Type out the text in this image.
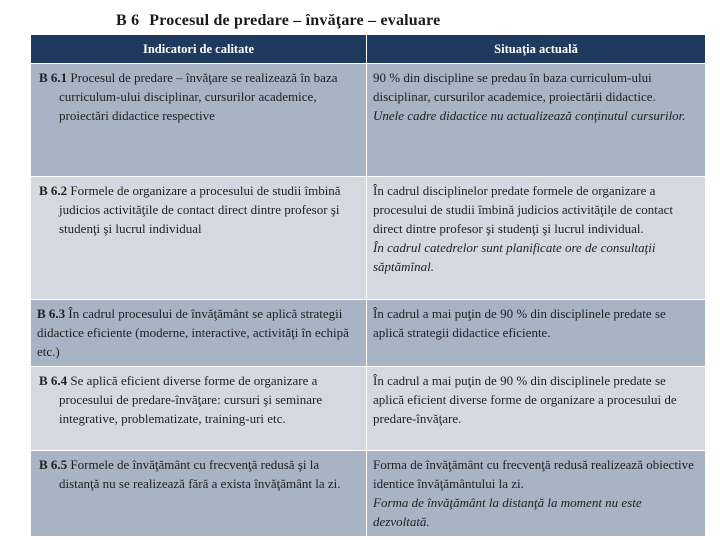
B 6 Procesul de predare – învăţare – evaluare
Indicatori de calitate	Situaţia actuală

B 6.1 Procesul de predare – învăţare se realizează în baza curriculum-ului disciplinar, cursurilor academice, proiectări didactice respective	90 % din discipline se predau în baza curriculum-ului disciplinar, cursurilor academice, proiectării didactice.
Unele cadre didactice nu actualizează conţinutul cursurilor.

B 6.2 Formele de organizare a procesului de studii îmbină judicios activităţile de contact direct dintre profesor şi studenţi şi lucrul individual	În cadrul disciplinelor predate formele de organizare a procesului de studii îmbină judicios activităţile de contact direct dintre profesor şi studenţi şi lucrul individual.
În cadrul catedrelor sunt planificate ore de consultaţii săptămînal.

B 6.3 În cadrul procesului de învăţământ se aplică strategii didactice eficiente (moderne, interactive, activităţi în echipă etc.)	În cadrul a mai puţin de 90 % din disciplinele predate se aplică strategii didactice eficiente.

B 6.4 Se aplică eficient diverse forme de organizare a procesului de predare-învăţare: cursuri şi seminare integrative, problematizate, training-uri etc.	În cadrul a mai puţin de 90 % din disciplinele predate se aplică eficient diverse forme de organizare a procesului de predare-învăţare.

B 6.5 Formele de învăţământ cu frecvenţă redusă şi la distanţă nu se realizează fără a exista învăţământ la zi.	Forma de învăţământ cu frecvenţă redusă realizează obiective identice învăţământului la zi.
Forma de învăţământ la distanţă la moment nu este dezvoltată.
